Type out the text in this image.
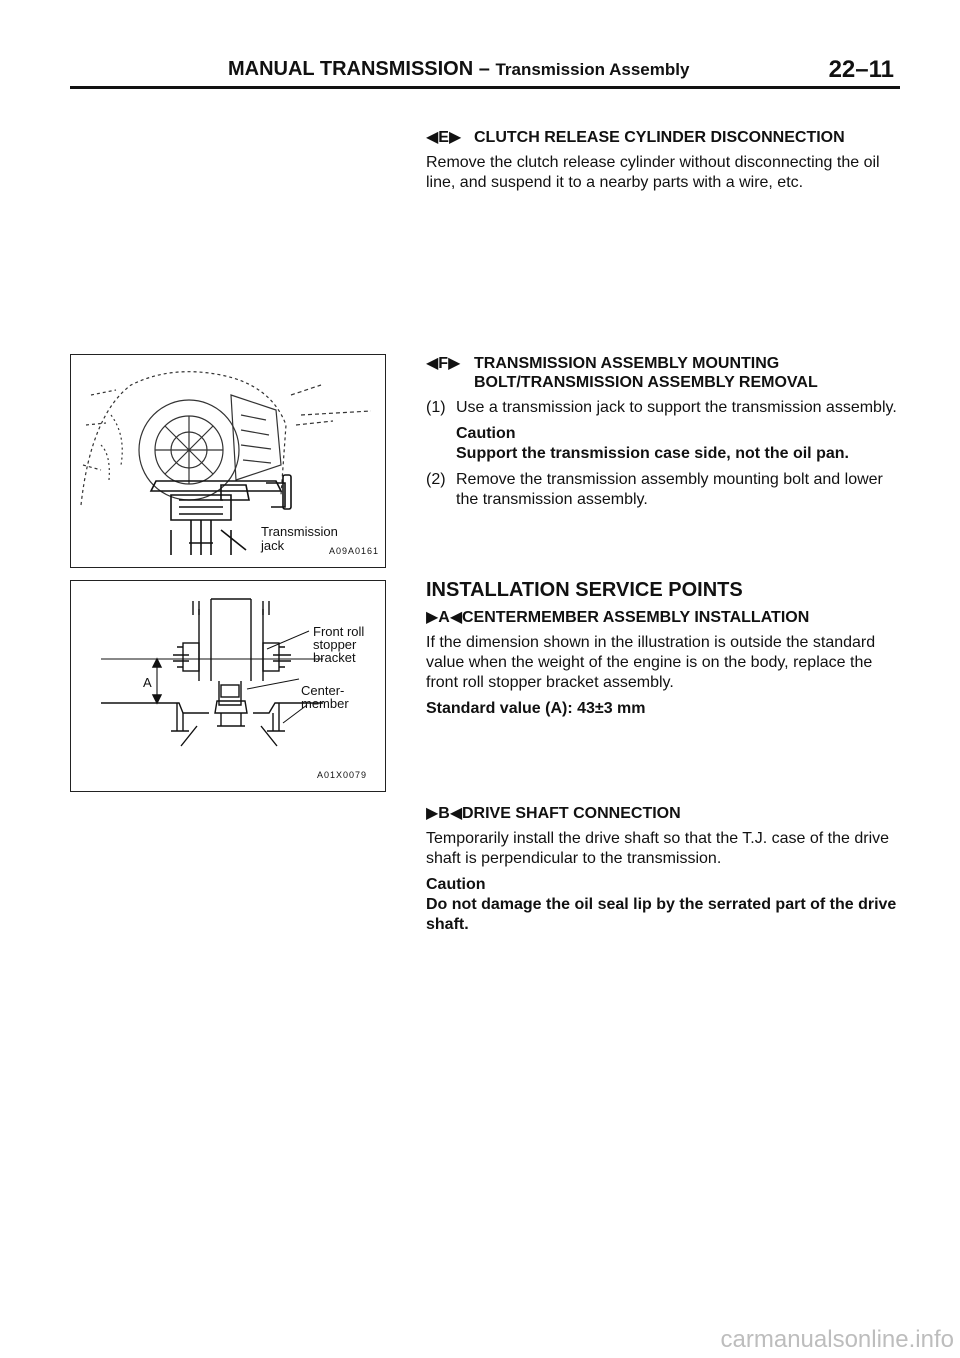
MANUAL TRANSMISSION – Transmission Assembly	22–11
◀E▶ CLUTCH RELEASE CYLINDER DISCONNECTION
Remove the clutch release cylinder without disconnecting the oil line, and suspend it to a nearby parts with a wire, etc.
◀F▶ TRANSMISSION ASSEMBLY MOUNTING
BOLT/TRANSMISSION ASSEMBLY REMOVAL
(1) Use a transmission jack to support the transmission assembly.
Caution
Support the transmission case side, not the oil pan.
(2) Remove the transmission assembly mounting bolt and lower the transmission assembly.
INSTALLATION SERVICE POINTS
▶A◀CENTERMEMBER ASSEMBLY INSTALLATION
If the dimension shown in the illustration is outside the standard value when the weight of the engine is on the body, replace the front roll stopper bracket assembly.
Standard value (A): 43±3 mm
▶B◀DRIVE SHAFT CONNECTION
Temporarily install the drive shaft so that the T.J. case of the drive shaft is perpendicular to the transmission.
Caution
Do not damage the oil seal lip by the serrated part of the drive shaft.
Transmission
jack	A09A0161
A
Front roll
stopper
bracket
Center-
member
A01X0079
carmanualsonline.info
